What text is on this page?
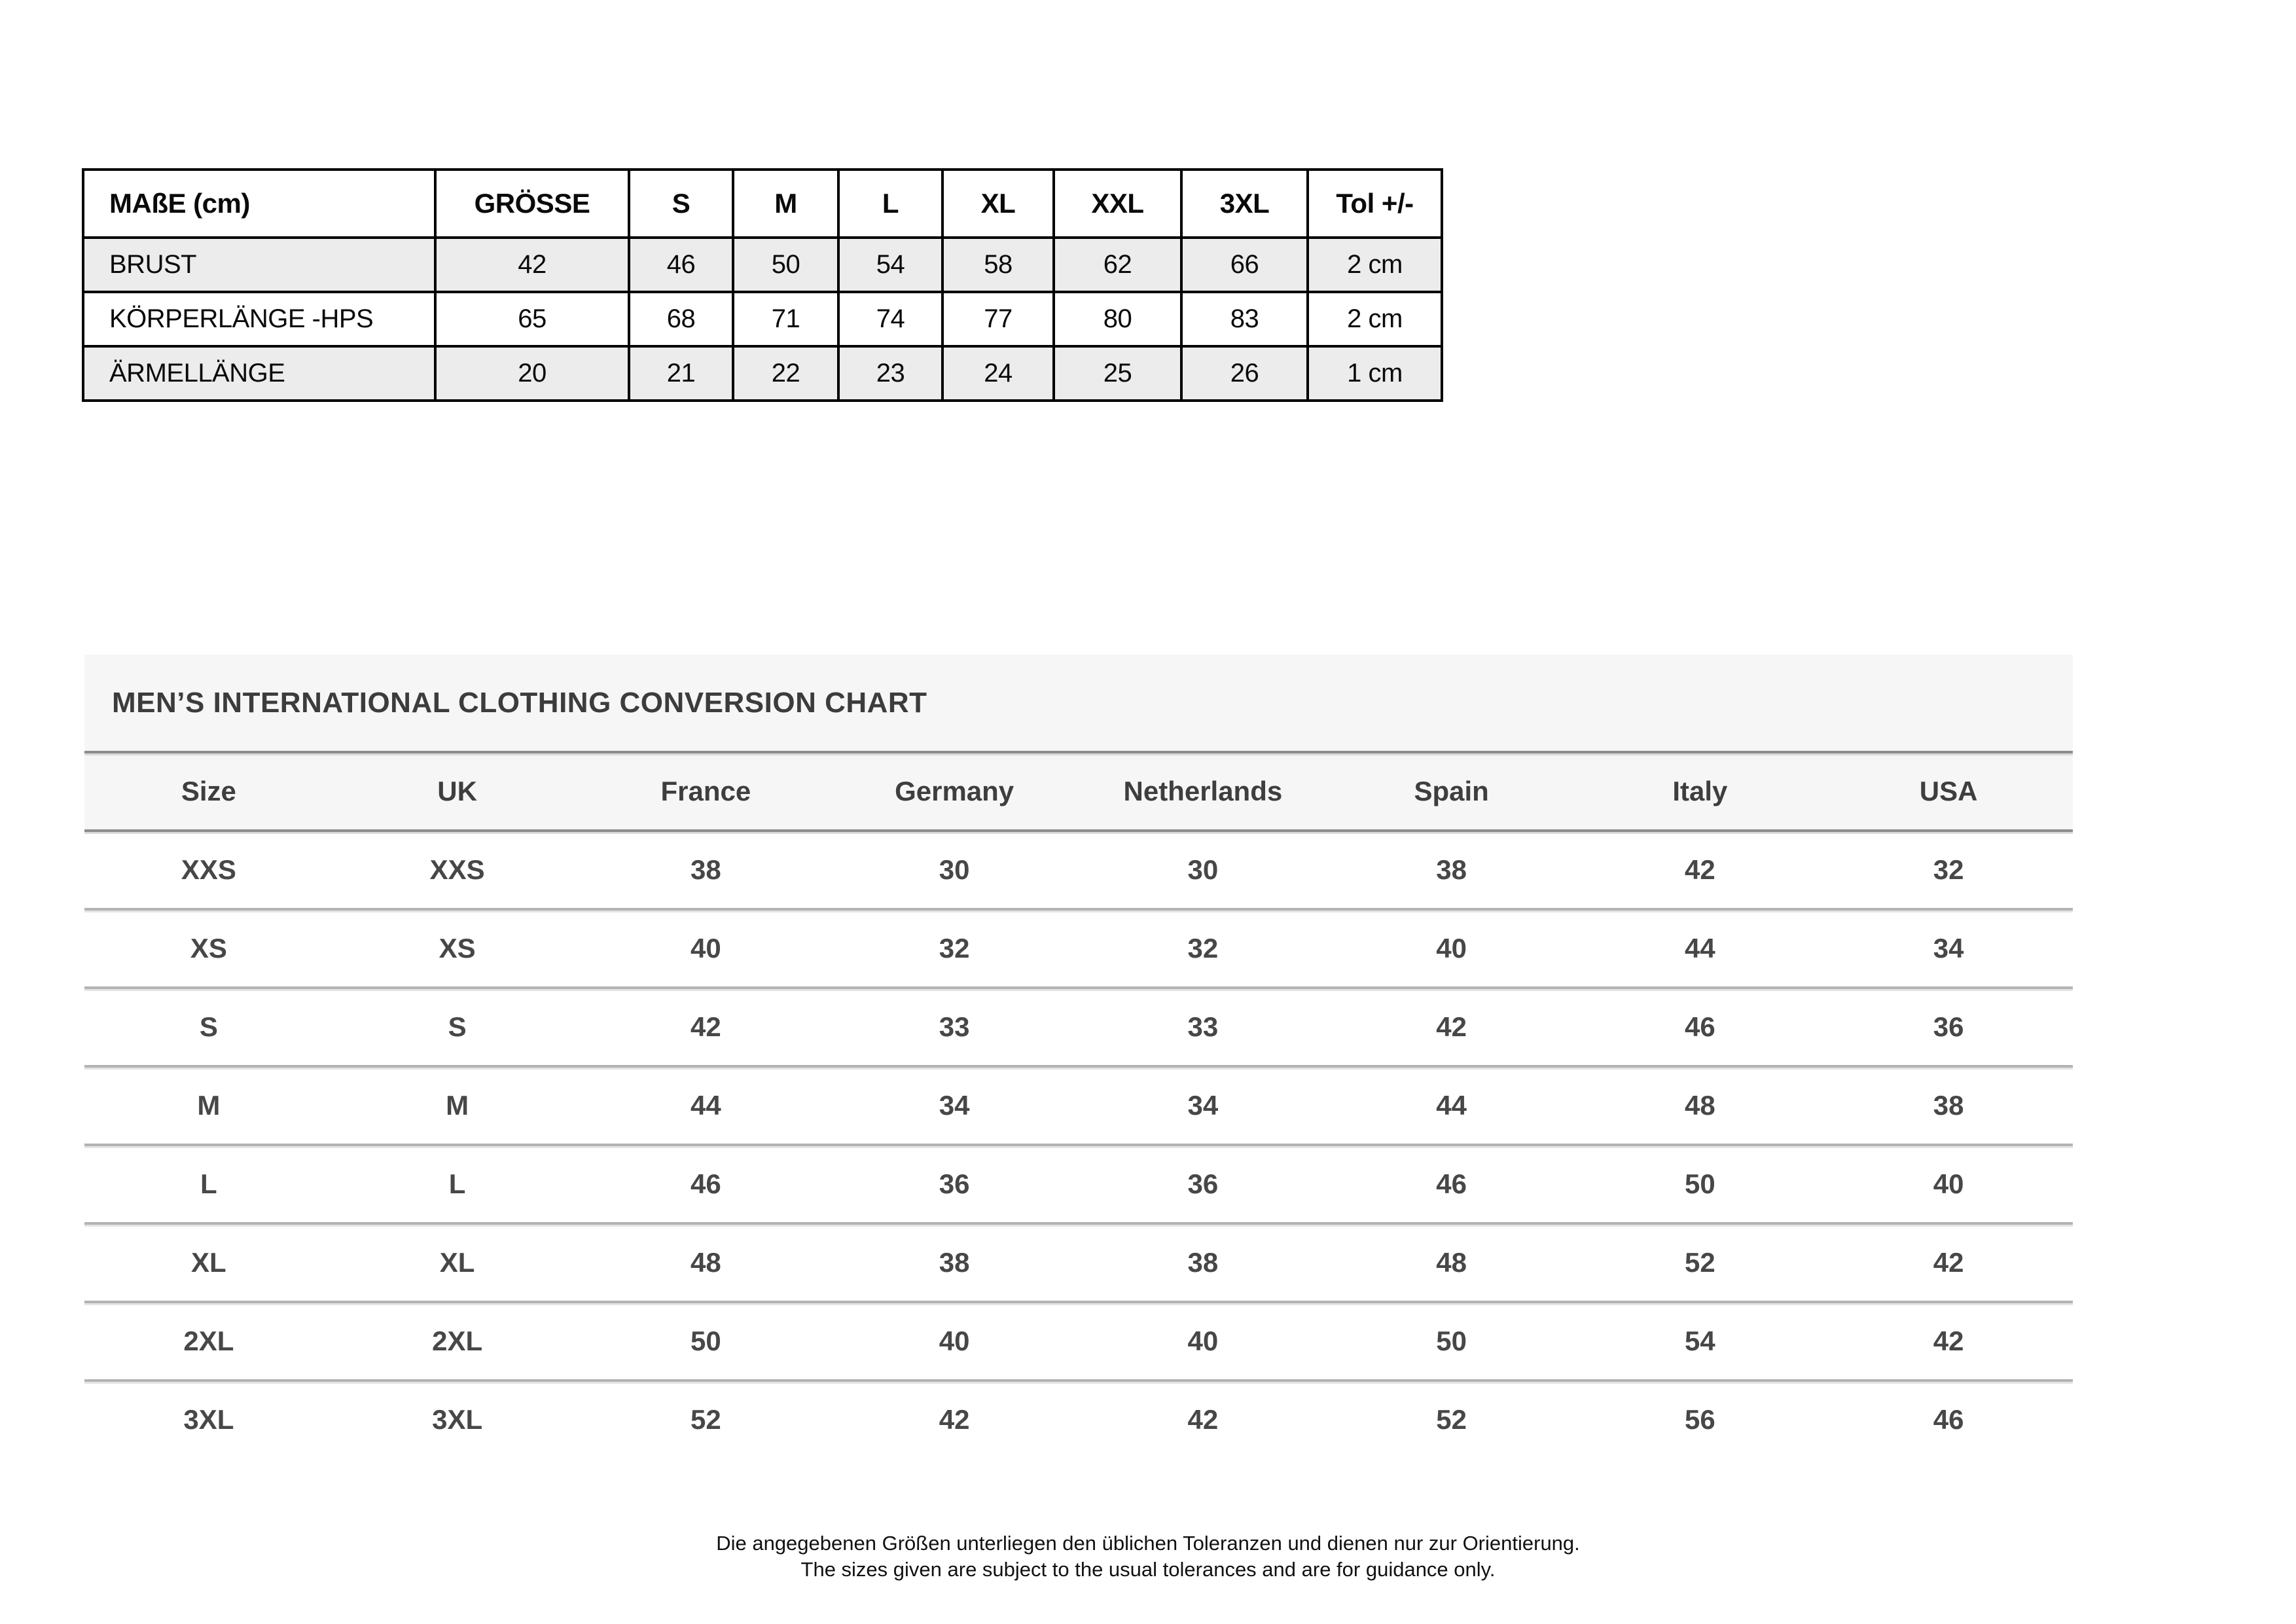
MAßE (cm)	GRÖSSE	S	M	L	XL	XXL	3XL	Tol +/-
BRUST	42	46	50	54	58	62	66	2 cm
KÖRPERLÄNGE -HPS	65	68	71	74	77	80	83	2 cm
ÄRMELLÄNGE	20	21	22	23	24	25	26	1 cm
MEN’S INTERNATIONAL CLOTHING CONVERSION CHART
Size	UK	France	Germany	Netherlands	Spain	Italy	USA
XXS	XXS	38	30	30	38	42	32
XS	XS	40	32	32	40	44	34
S	S	42	33	33	42	46	36
M	M	44	34	34	44	48	38
L	L	46	36	36	46	50	40
XL	XL	48	38	38	48	52	42
2XL	2XL	50	40	40	50	54	42
3XL	3XL	52	42	42	52	56	46
Die angegebenen Größen unterliegen den üblichen Toleranzen und dienen nur zur Orientierung.
The sizes given are subject to the usual tolerances and are for guidance only.
